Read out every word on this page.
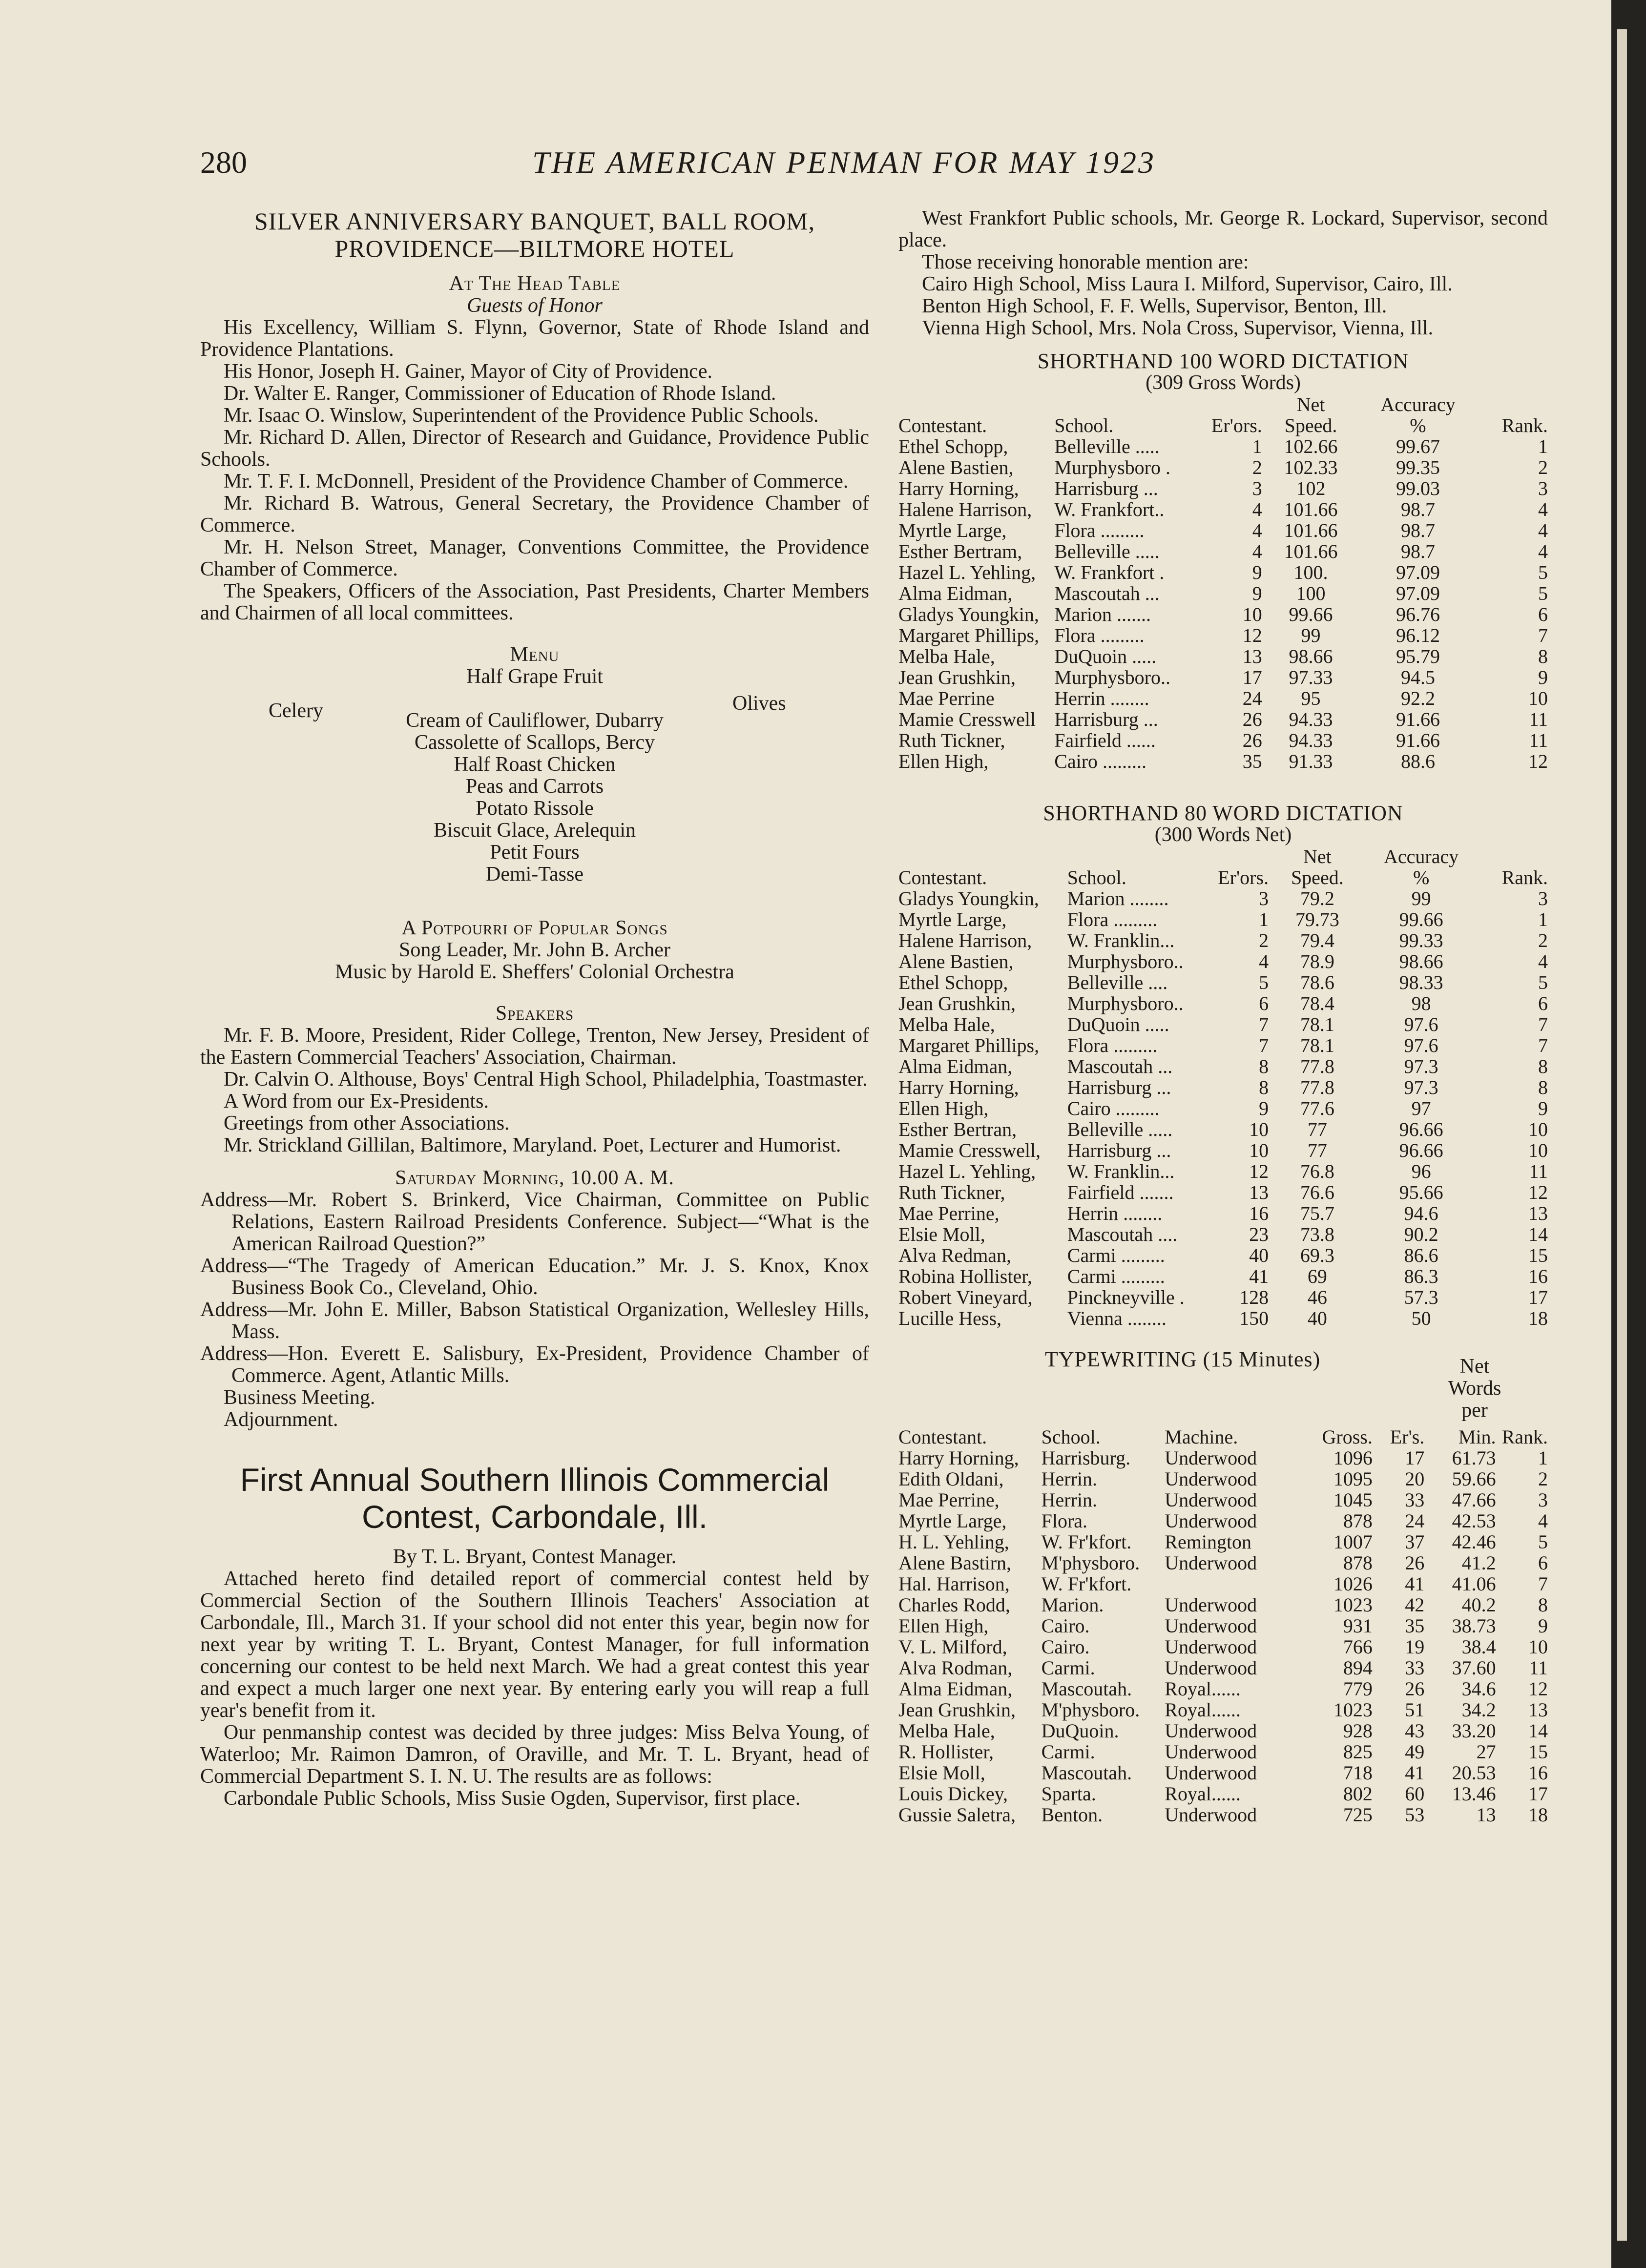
280	THE AMERICAN PENMAN FOR MAY 1923
SILVER ANNIVERSARY BANQUET, BALL ROOM,
PROVIDENCE—BILTMORE HOTEL
At The Head Table
Guests of Honor
His Excellency, William S. Flynn, Governor, State of Rhode Island and Providence Plantations.
His Honor, Joseph H. Gainer, Mayor of City of Providence.
Dr. Walter E. Ranger, Commissioner of Education of Rhode Island.
Mr. Isaac O. Winslow, Superintendent of the Providence Public Schools.
Mr. Richard D. Allen, Director of Research and Guidance, Providence Public Schools.
Mr. T. F. I. McDonnell, President of the Providence Chamber of Commerce.
Mr. Richard B. Watrous, General Secretary, the Providence Chamber of Commerce.
Mr. H. Nelson Street, Manager, Conventions Committee, the Providence Chamber of Commerce.
The Speakers, Officers of the Association, Past Presidents, Charter Members and Chairmen of all local committees.
Menu
Half Grape Fruit
Celery	Olives
Cream of Cauliflower, Dubarry
Cassolette of Scallops, Bercy
Half Roast Chicken
Peas and Carrots
Potato Rissole
Biscuit Glace, Arelequin
Petit Fours
Demi-Tasse
A Potpourri of Popular Songs
Song Leader, Mr. John B. Archer
Music by Harold E. Sheffers' Colonial Orchestra
Speakers
Mr. F. B. Moore, President, Rider College, Trenton, New Jersey, President of the Eastern Commercial Teachers' Association, Chairman.
Dr. Calvin O. Althouse, Boys' Central High School, Philadelphia, Toastmaster.
A Word from our Ex-Presidents.
Greetings from other Associations.
Mr. Strickland Gillilan, Baltimore, Maryland. Poet, Lecturer and Humorist.
Saturday Morning, 10.00 A. M.
Address—Mr. Robert S. Brinkerd, Vice Chairman, Committee on Public Relations, Eastern Railroad Presidents Conference. Subject—“What is the American Railroad Question?”
Address—“The Tragedy of American Education.” Mr. J. S. Knox, Knox Business Book Co., Cleveland, Ohio.
Address—Mr. John E. Miller, Babson Statistical Organization, Wellesley Hills, Mass.
Address—Hon. Everett E. Salisbury, Ex-President, Providence Chamber of Commerce. Agent, Atlantic Mills.
Business Meeting.
Adjournment.
First Annual Southern Illinois Commercial
Contest, Carbondale, Ill.
By T. L. Bryant, Contest Manager.
Attached hereto find detailed report of commercial contest held by Commercial Section of the Southern Illinois Teachers' Association at Carbondale, Ill., March 31. If your school did not enter this year, begin now for next year by writing T. L. Bryant, Contest Manager, for full information concerning our contest to be held next March. We had a great contest this year and expect a much larger one next year. By entering early you will reap a full year's benefit from it.
Our penmanship contest was decided by three judges: Miss Belva Young, of Waterloo; Mr. Raimon Damron, of Oraville, and Mr. T. L. Bryant, head of Commercial Department S. I. N. U. The results are as follows:
Carbondale Public Schools, Miss Susie Ogden, Supervisor, first place.
West Frankfort Public schools, Mr. George R. Lockard, Supervisor, second place.
Those receiving honorable mention are:
Cairo High School, Miss Laura I. Milford, Supervisor, Cairo, Ill.
Benton High School, F. F. Wells, Supervisor, Benton, Ill.
Vienna High School, Mrs. Nola Cross, Supervisor, Vienna, Ill.
SHORTHAND 100 WORD DICTATION
(309 Gross Words)
			Net	Accuracy	
Contestant.	School.	Er'ors.	Speed.	%	Rank.
Ethel Schopp,	Belleville .....	1	102.66	99.67	1
Alene Bastien,	Murphysboro .	2	102.33	99.35	2
Harry Horning,	Harrisburg ...	3	102	99.03	3
Halene Harrison,	W. Frankfort..	4	101.66	98.7	4
Myrtle Large,	Flora .........	4	101.66	98.7	4
Esther Bertram,	Belleville .....	4	101.66	98.7	4
Hazel L. Yehling,	W. Frankfort .	9	100.	97.09	5
Alma Eidman,	Mascoutah ...	9	100	97.09	5
Gladys Youngkin,	Marion .......	10	99.66	96.76	6
Margaret Phillips,	Flora .........	12	99	96.12	7
Melba Hale,	DuQuoin .....	13	98.66	95.79	8
Jean Grushkin,	Murphysboro..	17	97.33	94.5	9
Mae Perrine	Herrin ........	24	95	92.2	10
Mamie Cresswell	Harrisburg ...	26	94.33	91.66	11
Ruth Tickner,	Fairfield ......	26	94.33	91.66	11
Ellen High,	Cairo .........	35	91.33	88.6	12
SHORTHAND 80 WORD DICTATION
(300 Words Net)
			Net	Accuracy	
Contestant.	School.	Er'ors.	Speed.	%	Rank.
Gladys Youngkin,	Marion ........	3	79.2	99	3
Myrtle Large,	Flora .........	1	79.73	99.66	1
Halene Harrison,	W. Franklin...	2	79.4	99.33	2
Alene Bastien,	Murphysboro..	4	78.9	98.66	4
Ethel Schopp,	Belleville ....	5	78.6	98.33	5
Jean Grushkin,	Murphysboro..	6	78.4	98	6
Melba Hale,	DuQuoin .....	7	78.1	97.6	7
Margaret Phillips,	Flora .........	7	78.1	97.6	7
Alma Eidman,	Mascoutah ...	8	77.8	97.3	8
Harry Horning,	Harrisburg ...	8	77.8	97.3	8
Ellen High,	Cairo .........	9	77.6	97	9
Esther Bertran,	Belleville .....	10	77	96.66	10
Mamie Cresswell,	Harrisburg ...	10	77	96.66	10
Hazel L. Yehling,	W. Franklin...	12	76.8	96	11
Ruth Tickner,	Fairfield .......	13	76.6	95.66	12
Mae Perrine,	Herrin ........	16	75.7	94.6	13
Elsie Moll,	Mascoutah ....	23	73.8	90.2	14
Alva Redman,	Carmi .........	40	69.3	86.6	15
Robina Hollister,	Carmi .........	41	69	86.3	16
Robert Vineyard,	Pinckneyville .	128	46	57.3	17
Lucille Hess,	Vienna ........	150	40	50	18
TYPEWRITING (15 Minutes)	Net
Words
per
Contestant.	School.	Machine.	Gross.	Er's.	Min.	Rank.
Harry Horning,	Harrisburg.	Underwood	1096	17	61.73	1
Edith Oldani,	Herrin.	Underwood	1095	20	59.66	2
Mae Perrine,	Herrin.	Underwood	1045	33	47.66	3
Myrtle Large,	Flora.	Underwood	878	24	42.53	4
H. L. Yehling,	W. Fr'kfort.	Remington	1007	37	42.46	5
Alene Bastirn,	M'physboro.	Underwood	878	26	41.2	6
Hal. Harrison,	W. Fr'kfort.		1026	41	41.06	7
Charles Rodd,	Marion.	Underwood	1023	42	40.2	8
Ellen High,	Cairo.	Underwood	931	35	38.73	9
V. L. Milford,	Cairo.	Underwood	766	19	38.4	10
Alva Rodman,	Carmi.	Underwood	894	33	37.60	11
Alma Eidman,	Mascoutah.	Royal......	779	26	34.6	12
Jean Grushkin,	M'physboro.	Royal......	1023	51	34.2	13
Melba Hale,	DuQuoin.	Underwood	928	43	33.20	14
R. Hollister,	Carmi.	Underwood	825	49	27	15
Elsie Moll,	Mascoutah.	Underwood	718	41	20.53	16
Louis Dickey,	Sparta.	Royal......	802	60	13.46	17
Gussie Saletra,	Benton.	Underwood	725	53	13	18
